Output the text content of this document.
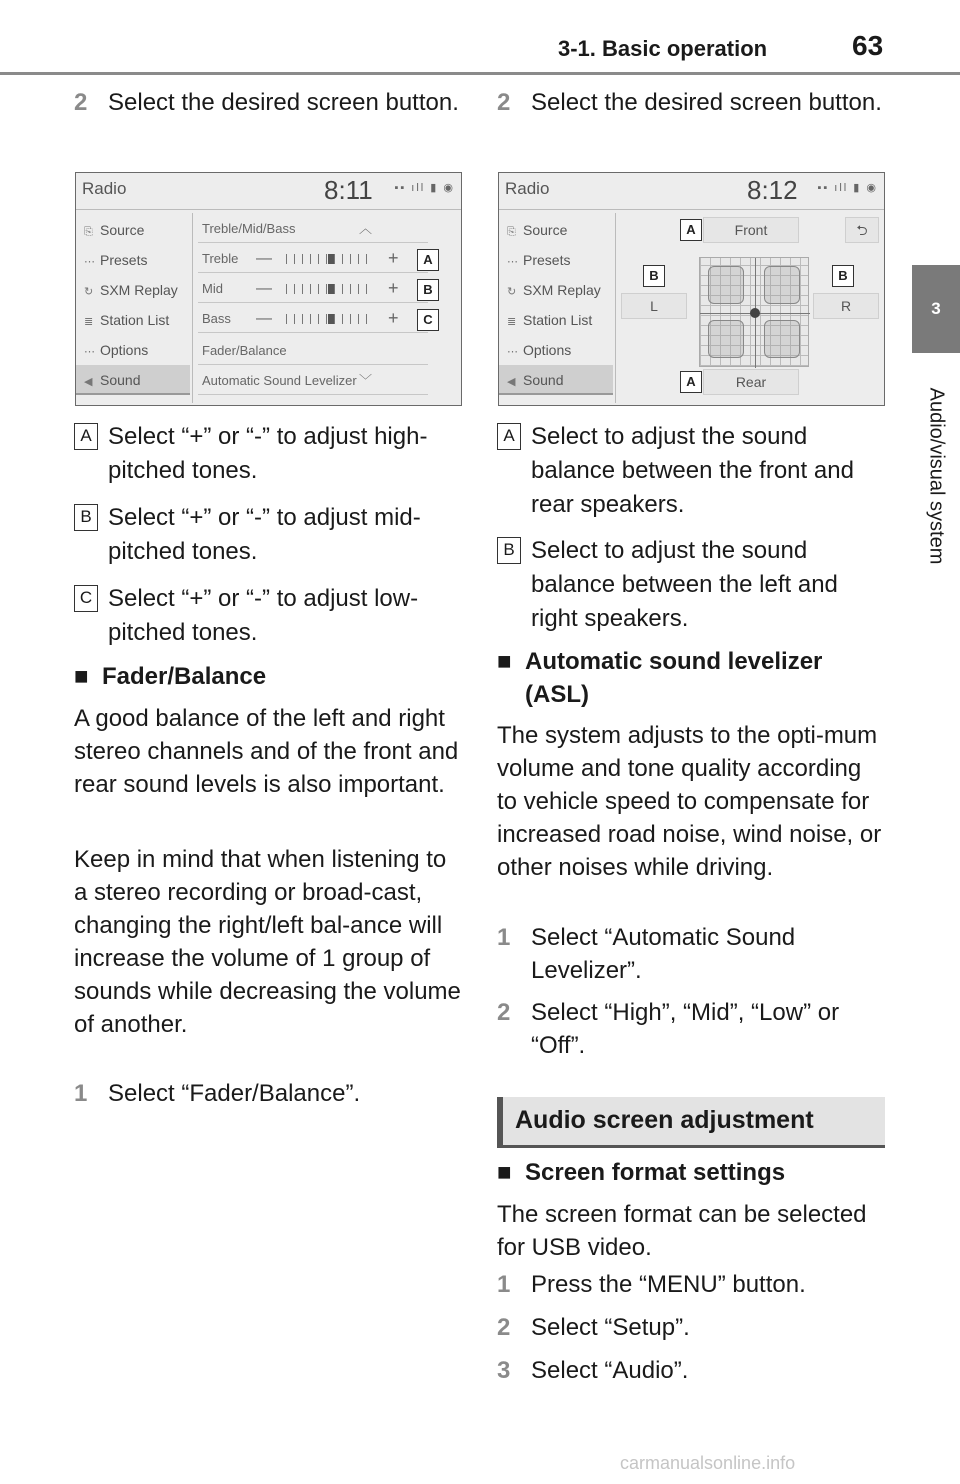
3-1. Basic operation	63
3
Audio/visual system
2 Select the desired screen button.
Radio	8:11 ▪▪ ıll ▮ ◉
⎘ Source
⋯ Presets
↻ SXM Replay
≣ Station List
⋯ Options
◀ Sound
Treble/Mid/Bass	︿
Treble —	+
Mid —	+
Bass —	+
Fader/Balance
Automatic Sound Levelizer ﹀
A
B
C
A Select “+” or “-” to adjust high-pitched tones.
B Select “+” or “-” to adjust mid-pitched tones.
C Select “+” or “-” to adjust low-pitched tones.
■ Fader/Balance
A good balance of the left and right stereo channels and of the front and rear sound levels is also important.
Keep in mind that when listening to a stereo recording or broad-cast, changing the right/left bal-ance will increase the volume of 1 group of sounds while decreasing the volume of another.
1 Select “Fader/Balance”.
2 Select the desired screen button.
Radio	8:12 ▪▪ ıll ▮ ◉
⎘ Source
⋯ Presets
↻ SXM Replay
≣ Station List
⋯ Options
◀ Sound
Front
Rear
L	R
⮌
A
B	B
A
A Select to adjust the sound balance between the front and rear speakers.
B Select to adjust the sound balance between the left and right speakers.
■ Automatic sound levelizer (ASL)
The system adjusts to the opti-mum volume and tone quality according to vehicle speed to compensate for increased road noise, wind noise, or other noises while driving.
1 Select “Automatic Sound Levelizer”.
2 Select “High”, “Mid”, “Low” or “Off”.
Audio screen adjustment
■ Screen format settings
The screen format can be selected for USB video.
1 Press the “MENU” button.
2 Select “Setup”.
3 Select “Audio”.
carmanualsonline.info
